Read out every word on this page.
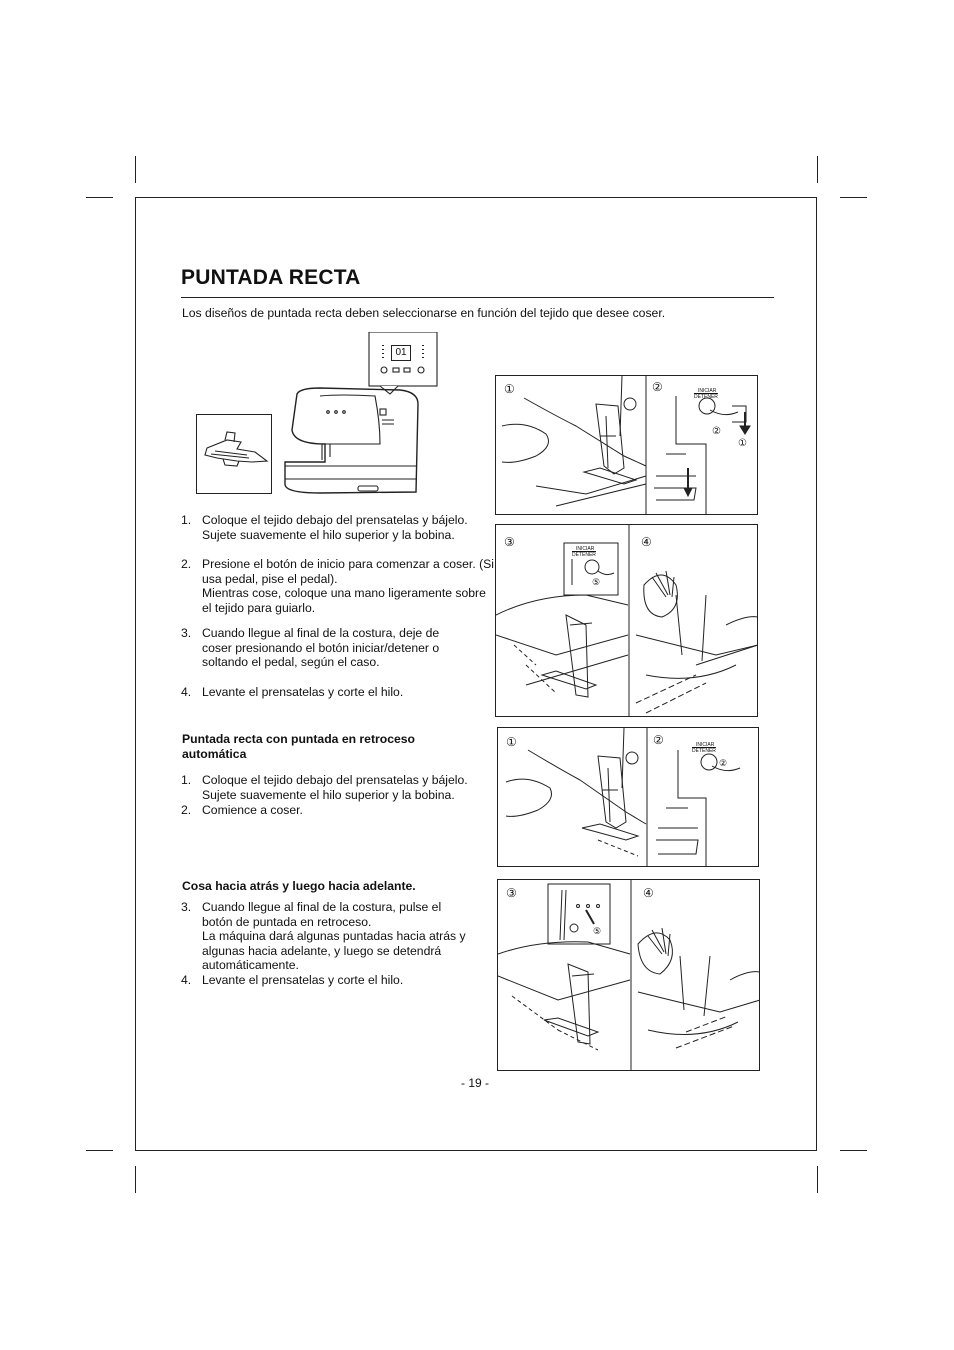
PUNTADA RECTA
Los diseños de puntada recta deben seleccionarse en función del tejido que desee coser.
01
1. Coloque el tejido debajo del prensatelas y bájelo.
Sujete suavemente el hilo superior y la bobina.
2. Presione el botón de inicio para comenzar a coser. (Si usa pedal, pise el pedal).
Mientras cose, coloque una mano ligeramente sobre el tejido para guiarlo.
3. Cuando llegue al final de la costura, deje de coser presionando el botón iniciar/detener o soltando el pedal, según el caso.
4. Levante el prensatelas y corte el hilo.
Puntada recta con puntada en retroceso automática
1. Coloque el tejido debajo del prensatelas y bájelo.
Sujete suavemente el hilo superior y la bobina.
2. Comience a coser.
Cosa hacia atrás y luego hacia adelante.
3. Cuando llegue al final de la costura, pulse el botón de puntada en retroceso.
La máquina dará algunas puntadas hacia atrás y algunas hacia adelante, y luego se detendrá automáticamente.
4. Levante el prensatelas y corte el hilo.
①	②	INICIAR
DETENER
②
①
③	④
INICIAR
DETENER
⑤
①	②	INICIAR
DETENER
②
③	④
⑤
- 19 -
